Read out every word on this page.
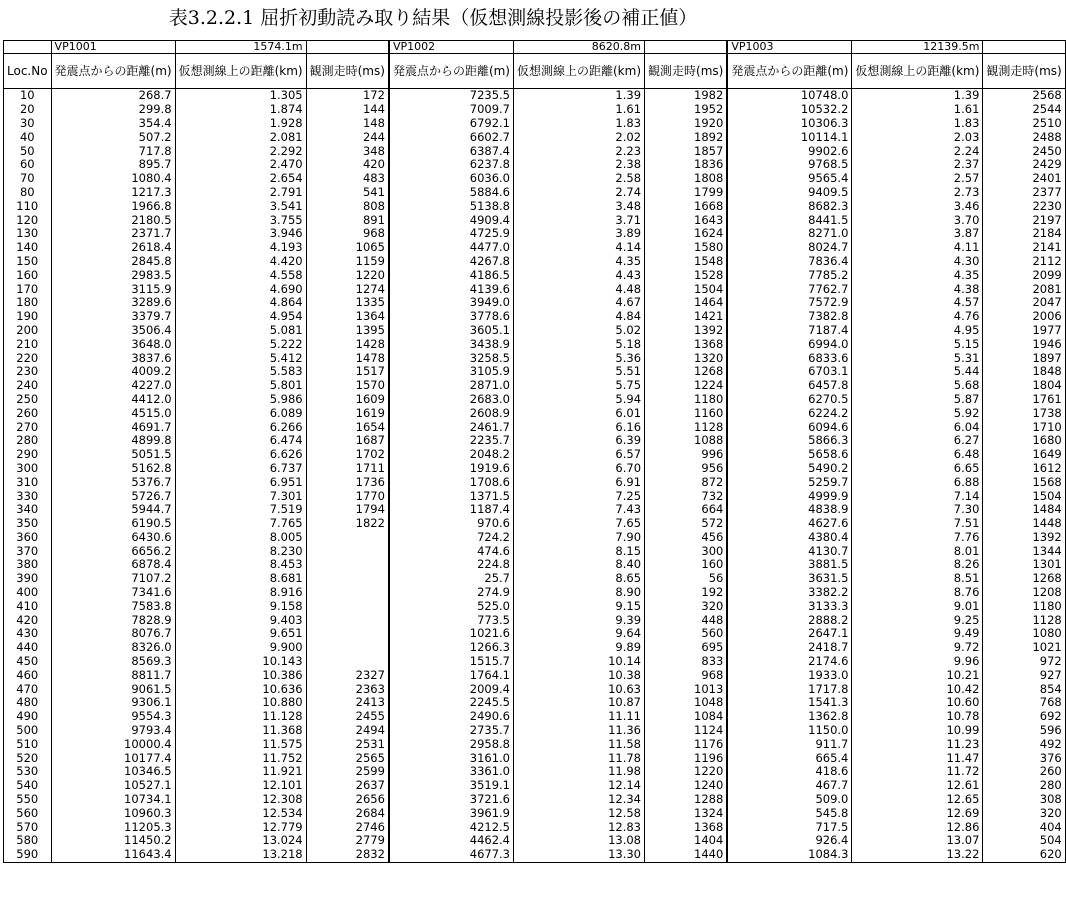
表3.2.2.1 屈折初動読み取り結果（仮想測線投影後の補正値）
	VP1001	1574.1m			VP1002	8620.8m			VP1003	12139.5m	
Loc.No	発震点からの距離(m)	仮想測線上の距離(km)	観測走時(ms)		発震点からの距離(m)	仮想測線上の距離(km)	観測走時(ms)		発震点からの距離(m)	仮想測線上の距離(km)	観測走時(ms)
10	268.7	1.305	172		7235.5	1.39	1982		10748.0	1.39	2568
20	299.8	1.874	144		7009.7	1.61	1952		10532.2	1.61	2544
30	354.4	1.928	148		6792.1	1.83	1920		10306.3	1.83	2510
40	507.2	2.081	244		6602.7	2.02	1892		10114.1	2.03	2488
50	717.8	2.292	348		6387.4	2.23	1857		9902.6	2.24	2450
60	895.7	2.470	420		6237.8	2.38	1836		9768.5	2.37	2429
70	1080.4	2.654	483		6036.0	2.58	1808		9565.4	2.57	2401
80	1217.3	2.791	541		5884.6	2.74	1799		9409.5	2.73	2377
110	1966.8	3.541	808		5138.8	3.48	1668		8682.3	3.46	2230
120	2180.5	3.755	891		4909.4	3.71	1643		8441.5	3.70	2197
130	2371.7	3.946	968		4725.9	3.89	1624		8271.0	3.87	2184
140	2618.4	4.193	1065		4477.0	4.14	1580		8024.7	4.11	2141
150	2845.8	4.420	1159		4267.8	4.35	1548		7836.4	4.30	2112
160	2983.5	4.558	1220		4186.5	4.43	1528		7785.2	4.35	2099
170	3115.9	4.690	1274		4139.6	4.48	1504		7762.7	4.38	2081
180	3289.6	4.864	1335		3949.0	4.67	1464		7572.9	4.57	2047
190	3379.7	4.954	1364		3778.6	4.84	1421		7382.8	4.76	2006
200	3506.4	5.081	1395		3605.1	5.02	1392		7187.4	4.95	1977
210	3648.0	5.222	1428		3438.9	5.18	1368		6994.0	5.15	1946
220	3837.6	5.412	1478		3258.5	5.36	1320		6833.6	5.31	1897
230	4009.2	5.583	1517		3105.9	5.51	1268		6703.1	5.44	1848
240	4227.0	5.801	1570		2871.0	5.75	1224		6457.8	5.68	1804
250	4412.0	5.986	1609		2683.0	5.94	1180		6270.5	5.87	1761
260	4515.0	6.089	1619		2608.9	6.01	1160		6224.2	5.92	1738
270	4691.7	6.266	1654		2461.7	6.16	1128		6094.6	6.04	1710
280	4899.8	6.474	1687		2235.7	6.39	1088		5866.3	6.27	1680
290	5051.5	6.626	1702		2048.2	6.57	996		5658.6	6.48	1649
300	5162.8	6.737	1711		1919.6	6.70	956		5490.2	6.65	1612
310	5376.7	6.951	1736		1708.6	6.91	872		5259.7	6.88	1568
330	5726.7	7.301	1770		1371.5	7.25	732		4999.9	7.14	1504
340	5944.7	7.519	1794		1187.4	7.43	664		4838.9	7.30	1484
350	6190.5	7.765	1822		970.6	7.65	572		4627.6	7.51	1448
360	6430.6	8.005			724.2	7.90	456		4380.4	7.76	1392
370	6656.2	8.230			474.6	8.15	300		4130.7	8.01	1344
380	6878.4	8.453			224.8	8.40	160		3881.5	8.26	1301
390	7107.2	8.681			25.7	8.65	56		3631.5	8.51	1268
400	7341.6	8.916			274.9	8.90	192		3382.2	8.76	1208
410	7583.8	9.158			525.0	9.15	320		3133.3	9.01	1180
420	7828.9	9.403			773.5	9.39	448		2888.2	9.25	1128
430	8076.7	9.651			1021.6	9.64	560		2647.1	9.49	1080
440	8326.0	9.900			1266.3	9.89	695		2418.7	9.72	1021
450	8569.3	10.143			1515.7	10.14	833		2174.6	9.96	972
460	8811.7	10.386	2327		1764.1	10.38	968		1933.0	10.21	927
470	9061.5	10.636	2363		2009.4	10.63	1013		1717.8	10.42	854
480	9306.1	10.880	2413		2245.5	10.87	1048		1541.3	10.60	768
490	9554.3	11.128	2455		2490.6	11.11	1084		1362.8	10.78	692
500	9793.4	11.368	2494		2735.7	11.36	1124		1150.0	10.99	596
510	10000.4	11.575	2531		2958.8	11.58	1176		911.7	11.23	492
520	10177.4	11.752	2565		3161.0	11.78	1196		665.4	11.47	376
530	10346.5	11.921	2599		3361.0	11.98	1220		418.6	11.72	260
540	10527.1	12.101	2637		3519.1	12.14	1240		467.7	12.61	280
550	10734.1	12.308	2656		3721.6	12.34	1288		509.0	12.65	308
560	10960.3	12.534	2684		3961.9	12.58	1324		545.8	12.69	320
570	11205.3	12.779	2746		4212.5	12.83	1368		717.5	12.86	404
580	11450.2	13.024	2779		4462.4	13.08	1404		926.4	13.07	504
590	11643.4	13.218	2832		4677.3	13.30	1440		1084.3	13.22	620
